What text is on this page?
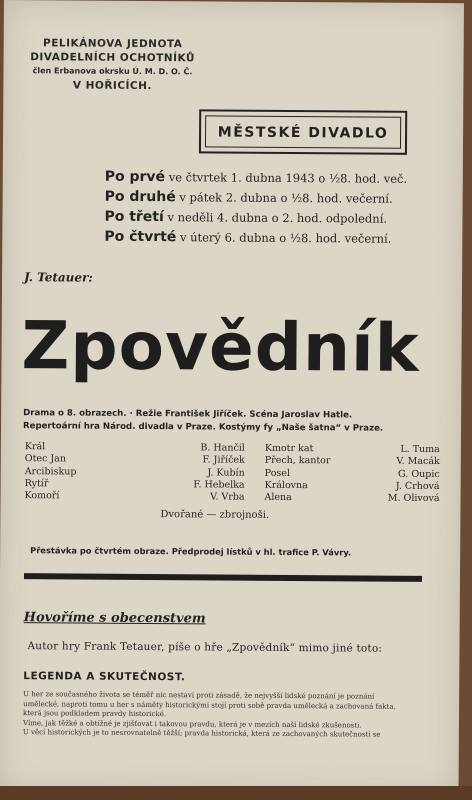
PELIKÁNOVA JEDNOTA
DIVADELNÍCH OCHOTNÍKŮ
člen Erbanova okrsku Ú. M. D. O. Č.
V HOŘICÍCH.
MĚSTSKÉ DIVADLO
Po prvé ve čtvrtek 1. dubna 1943 o ½8. hod. več.
Po druhé v pátek 2. dubna o ½8. hod. večerní.
Po třetí v neděli 4. dubna o 2. hod. odpolední.
Po čtvrté v úterý 6. dubna o ½8. hod. večerní.
J. Tetauer:
Zpovědník
Drama o 8. obrazech. · Režie František Jiříček. Scéna Jaroslav Hatle.
Repertoární hra Národ. divadla v Praze. Kostýmy fy „Naše šatna“ v Praze.
Král	B. Hančil Kmotr kat	L. Tuma
Otec Jan	F. Jiříček Přech, kantor	V. Macák
Arcibiskup	J. Kubín Posel	G. Oupic
Rytíř	F. Hebelka Královna	J. Crhová
Komoří	V. Vrba Alena	M. Olivová
Dvořané — zbrojnoši.
Přestávka po čtvrtém obraze. Předprodej lístků v hl. trafice P. Vávry.
Hovoříme s obecenstvem
Autor hry Frank Tetauer, píše o hře „Zpovědník“ mimo jiné toto:
LEGENDA A SKUTEČNOST.
U her ze současného života se téměř nic nestaví proti zásadě, že nejvyšší lidské poznání je poznání
umělecké, naproti tomu u her s náměty historickými stojí proti sobě pravda umělecká a zachovaná fakta,
která jsou podkladem pravdy historické.
Víme, jak těžké a obtížné je zjišťovat i takovou pravdu, která je v mezích naší lidské zkušenosti.
U věcí historických je to nesrovnatelně těžší; pravda historická, která ze zachovaných skutečností se
